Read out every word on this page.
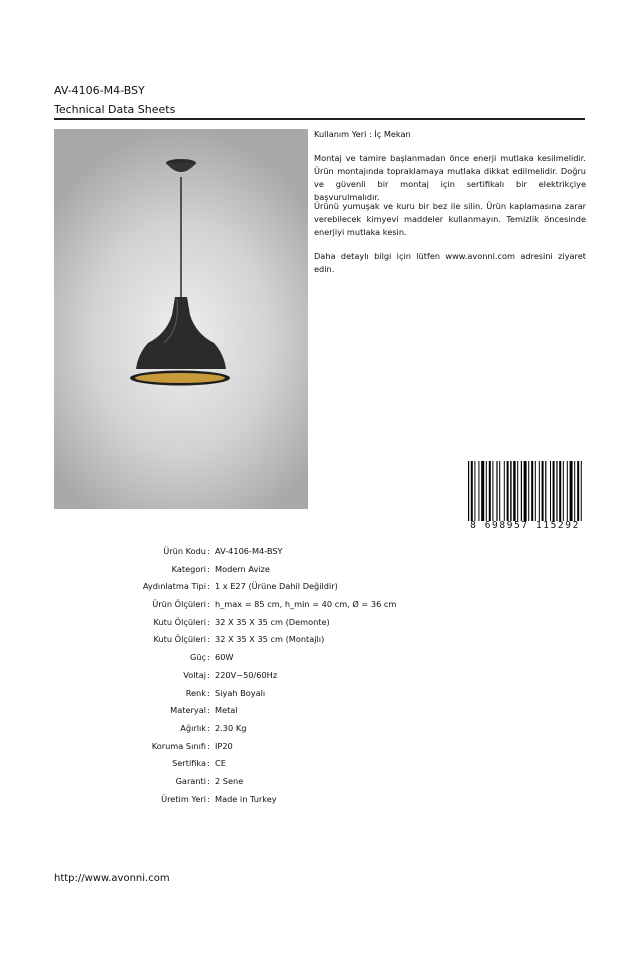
AV-4106-M4-BSY
Technical Data Sheets
Kullanım Yeri : İç Mekan
Montaj ve tamire başlanmadan önce enerji mutlaka kesilmelidir. Ürün montajında topraklamaya mutlaka dikkat edilmelidir. Doğru ve güvenli bir montaj için sertifikalı bir elektrikçiye başvurulmalıdır.
Ürünü yumuşak ve kuru bir bez ile silin. Ürün kaplamasına zarar verebilecek kimyevi maddeler kullanmayın. Temizlik öncesinde enerjiyi mutlaka kesin.
Daha detaylı bilgi için lütfen www.avonni.com adresini ziyaret edin.
8 698957 115292
Ürün Kodu : AV-4106-M4-BSY
Kategori : Modern Avize
Aydınlatma Tipi : 1 x E27 (Ürüne Dahil Değildir)
Ürün Ölçüleri : h_max = 85 cm, h_min = 40 cm, Ø = 36 cm
Kutu Ölçüleri : 32 X 35 X 35 cm (Demonte)
Kutu Ölçüleri : 32 X 35 X 35 cm (Montajlı)
Güç : 60W
Voltaj : 220V~50/60Hz
Renk : Siyah Boyalı
Materyal : Metal
Ağırlık : 2.30 Kg
Koruma Sınıfı : IP20
Sertifika : CE
Garanti : 2 Sene
Üretim Yeri : Made in Turkey
http://www.avonni.com
